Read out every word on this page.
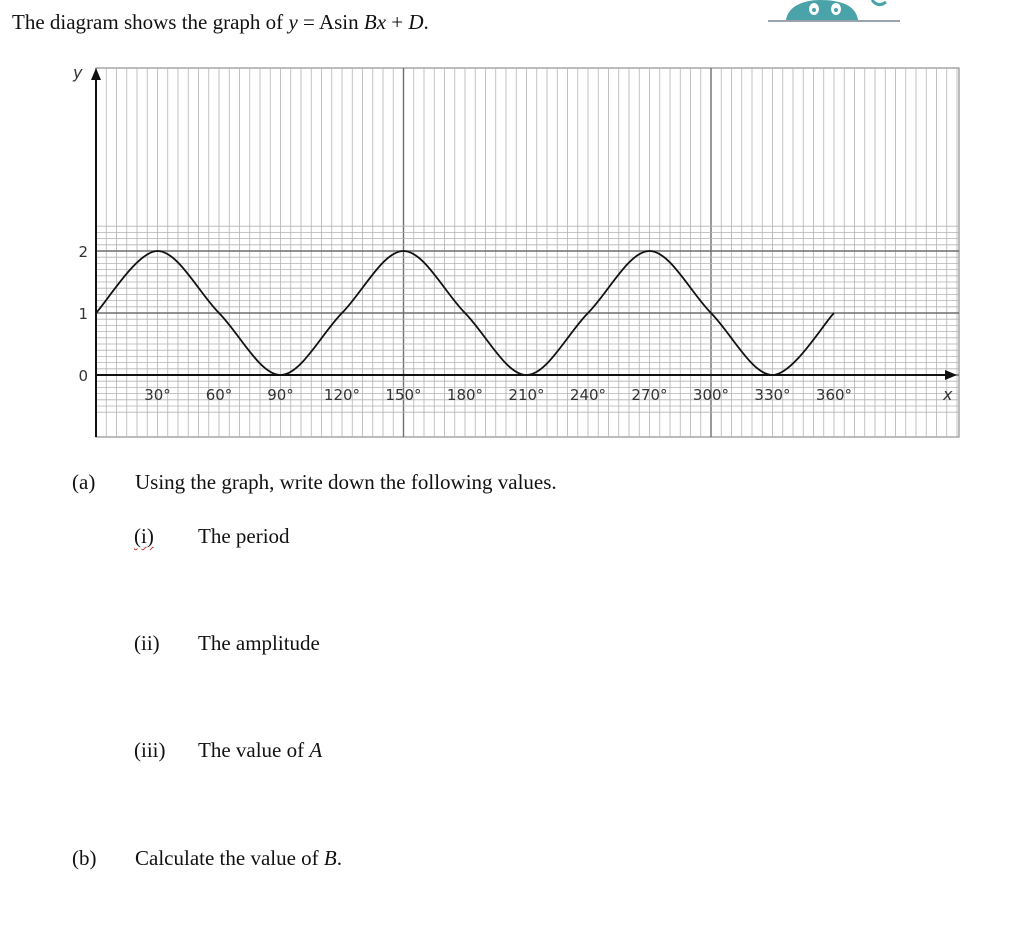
The diagram shows the graph of y = Asin Bx + D.
y
x
0
1
2
30° 60° 90° 120° 150° 180° 210° 240° 270° 300° 330° 360°
(a) Using the graph, write down the following values.
(i) The period
(ii) The amplitude
(iii) The value of A
(b) Calculate the value of B.
